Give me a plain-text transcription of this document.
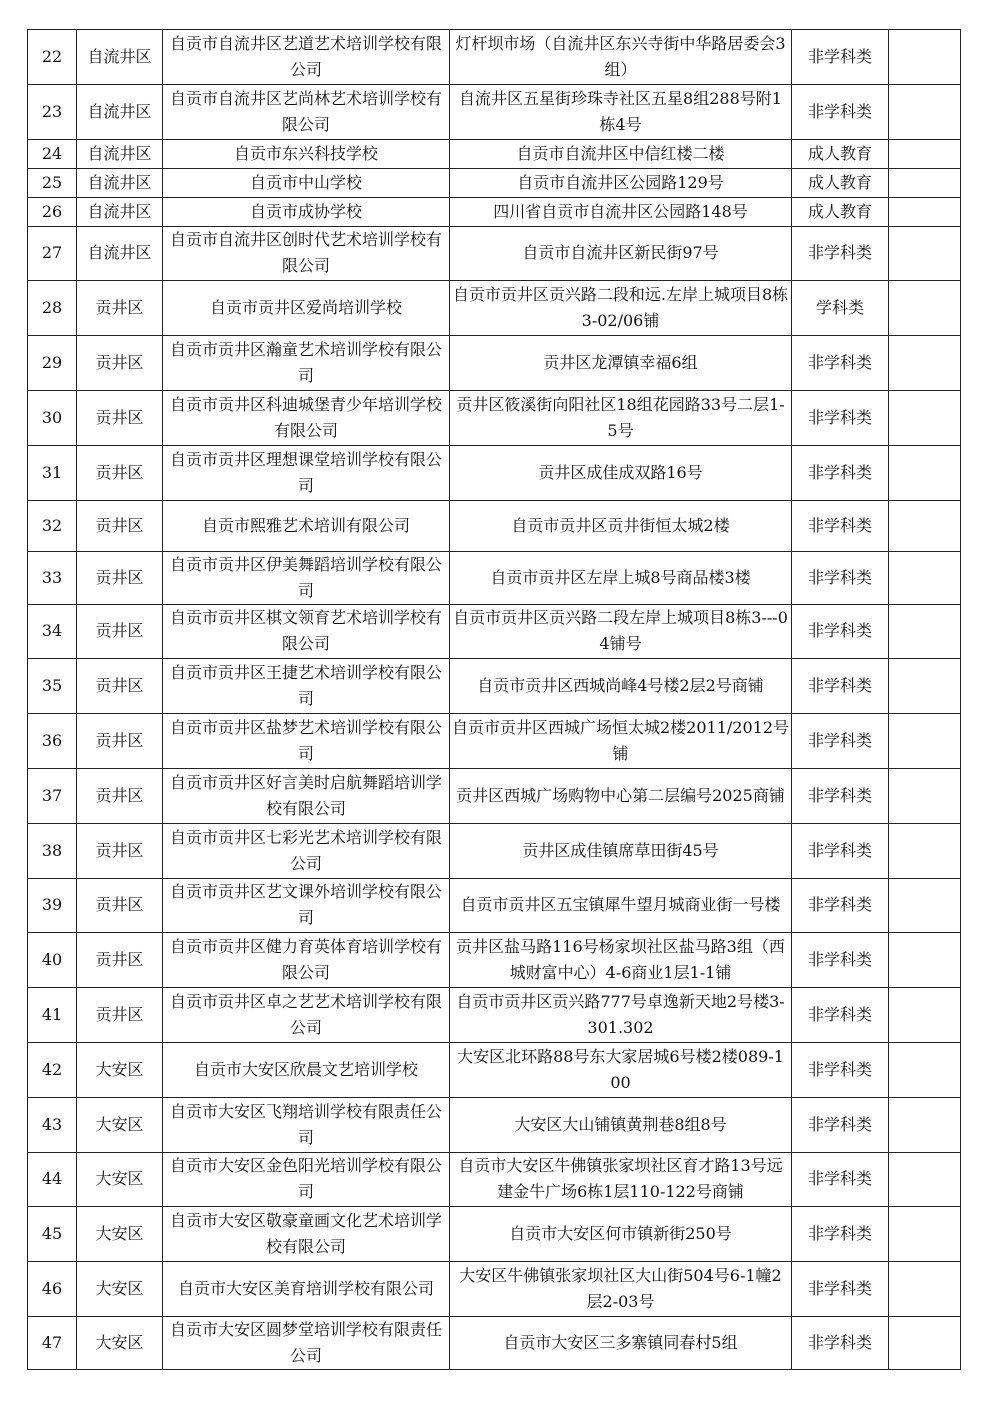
22	自流井区	自贡市自流井区艺道艺术培训学校有限公司	灯杆坝市场（自流井区东兴寺街中华路居委会3组）	非学科类	
23	自流井区	自贡市自流井区艺尚林艺术培训学校有限公司	自流井区五星街珍珠寺社区五星8组288号附1栋4号	非学科类	
24	自流井区	自贡市东兴科技学校	自贡市自流井区中信红楼二楼	成人教育	
25	自流井区	自贡市中山学校	自贡市自流井区公园路129号	成人教育	
26	自流井区	自贡市成协学校	四川省自贡市自流井区公园路148号	成人教育	
27	自流井区	自贡市自流井区创时代艺术培训学校有限公司	自贡市自流井区新民街97号	非学科类	
28	贡井区	自贡市贡井区爱尚培训学校	自贡市贡井区贡兴路二段和远.左岸上城项目8栋3-02/06铺	学科类	
29	贡井区	自贡市贡井区瀚童艺术培训学校有限公司	贡井区龙潭镇幸福6组	非学科类	
30	贡井区	自贡市贡井区科迪城堡青少年培训学校有限公司	贡井区筱溪街向阳社区18组花园路33号二层1-5号	非学科类	
31	贡井区	自贡市贡井区理想课堂培训学校有限公司	贡井区成佳成双路16号	非学科类	
32	贡井区	自贡市熙雅艺术培训有限公司	自贡市贡井区贡井街恒太城2楼	非学科类	
33	贡井区	自贡市贡井区伊美舞蹈培训学校有限公司	自贡市贡井区左岸上城8号商品楼3楼	非学科类	
34	贡井区	自贡市贡井区棋文领育艺术培训学校有限公司	自贡市贡井区贡兴路二段左岸上城项目8栋3---04铺号	非学科类	
35	贡井区	自贡市贡井区王捷艺术培训学校有限公司	自贡市贡井区西城尚峰4号楼2层2号商铺	非学科类	
36	贡井区	自贡市贡井区盐梦艺术培训学校有限公司	自贡市贡井区西城广场恒太城2楼2011/2012号铺	非学科类	
37	贡井区	自贡市贡井区好言美时启航舞蹈培训学校有限公司	贡井区西城广场购物中心第二层编号2025商铺	非学科类	
38	贡井区	自贡市贡井区七彩光艺术培训学校有限公司	贡井区成佳镇席草田街45号	非学科类	
39	贡井区	自贡市贡井区艺文课外培训学校有限公司	自贡市贡井区五宝镇犀牛望月城商业街一号楼	非学科类	
40	贡井区	自贡市贡井区健力育英体育培训学校有限公司	贡井区盐马路116号杨家坝社区盐马路3组（西城财富中心）4-6商业1层1-1铺	非学科类	
41	贡井区	自贡市贡井区卓之艺艺术培训学校有限公司	自贡市贡井区贡兴路777号卓逸新天地2号楼3-301.302	非学科类	
42	大安区	自贡市大安区欣晨文艺培训学校	大安区北环路88号东大家居城6号楼2楼089-100	非学科类	
43	大安区	自贡市大安区飞翔培训学校有限责任公司	大安区大山铺镇黄荆巷8组8号	非学科类	
44	大安区	自贡市大安区金色阳光培训学校有限公司	自贡市大安区牛佛镇张家坝社区育才路13号远建金牛广场6栋1层110-122号商铺	非学科类	
45	大安区	自贡市大安区敬豪童画文化艺术培训学校有限公司	自贡市大安区何市镇新街250号	非学科类	
46	大安区	自贡市大安区美育培训学校有限公司	大安区牛佛镇张家坝社区大山街504号6-1幢2层2-03号	非学科类	
47	大安区	自贡市大安区圆梦堂培训学校有限责任公司	自贡市大安区三多寨镇同春村5组	非学科类	
